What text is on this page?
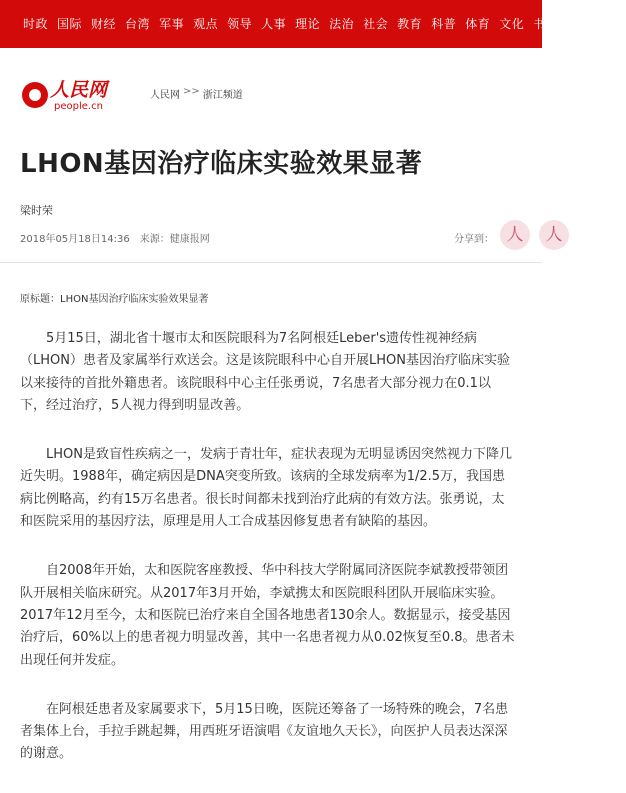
时政 国际 财经 台湾 军事 观点 领导 人事 理论 法治 社会 教育 科普 体育 文化 书画 房产 汽车
人民网
people.cn
人民网 >> 浙江频道
LHON基因治疗临床实验效果显著
梁时荣
2018年05月18日14:36 来源： 健康报网	分享到： 人	人
原标题： LHON基因治疗临床实验效果显著

5月15日，湖北省十堰市太和医院眼科为7名阿根廷Leber's遗传性视神经病（LHON）患者及家属举行欢送会。这是该院眼科中心自开展LHON基因治疗临床实验以来接待的首批外籍患者。该院眼科中心主任张勇说，7名患者大部分视力在0.1以下，经过治疗，5人视力得到明显改善。

LHON是致盲性疾病之一，发病于青壮年，症状表现为无明显诱因突然视力下降几近失明。1988年，确定病因是DNA突变所致。该病的全球发病率为1/2.5万，我国患病比例略高，约有15万名患者。很长时间都未找到治疗此病的有效方法。张勇说，太和医院采用的基因疗法，原理是用人工合成基因修复患者有缺陷的基因。

自2008年开始，太和医院客座教授、华中科技大学附属同济医院李斌教授带领团队开展相关临床研究。从2017年3月开始，李斌携太和医院眼科团队开展临床实验。2017年12月至今，太和医院已治疗来自全国各地患者130余人。数据显示，接受基因治疗后，60%以上的患者视力明显改善，其中一名患者视力从0.02恢复至0.8。患者未出现任何并发症。

在阿根廷患者及家属要求下，5月15日晚，医院还筹备了一场特殊的晚会，7名患者集体上台，手拉手跳起舞，用西班牙语演唱《友谊地久天长》，向医护人员表达深深的谢意。
